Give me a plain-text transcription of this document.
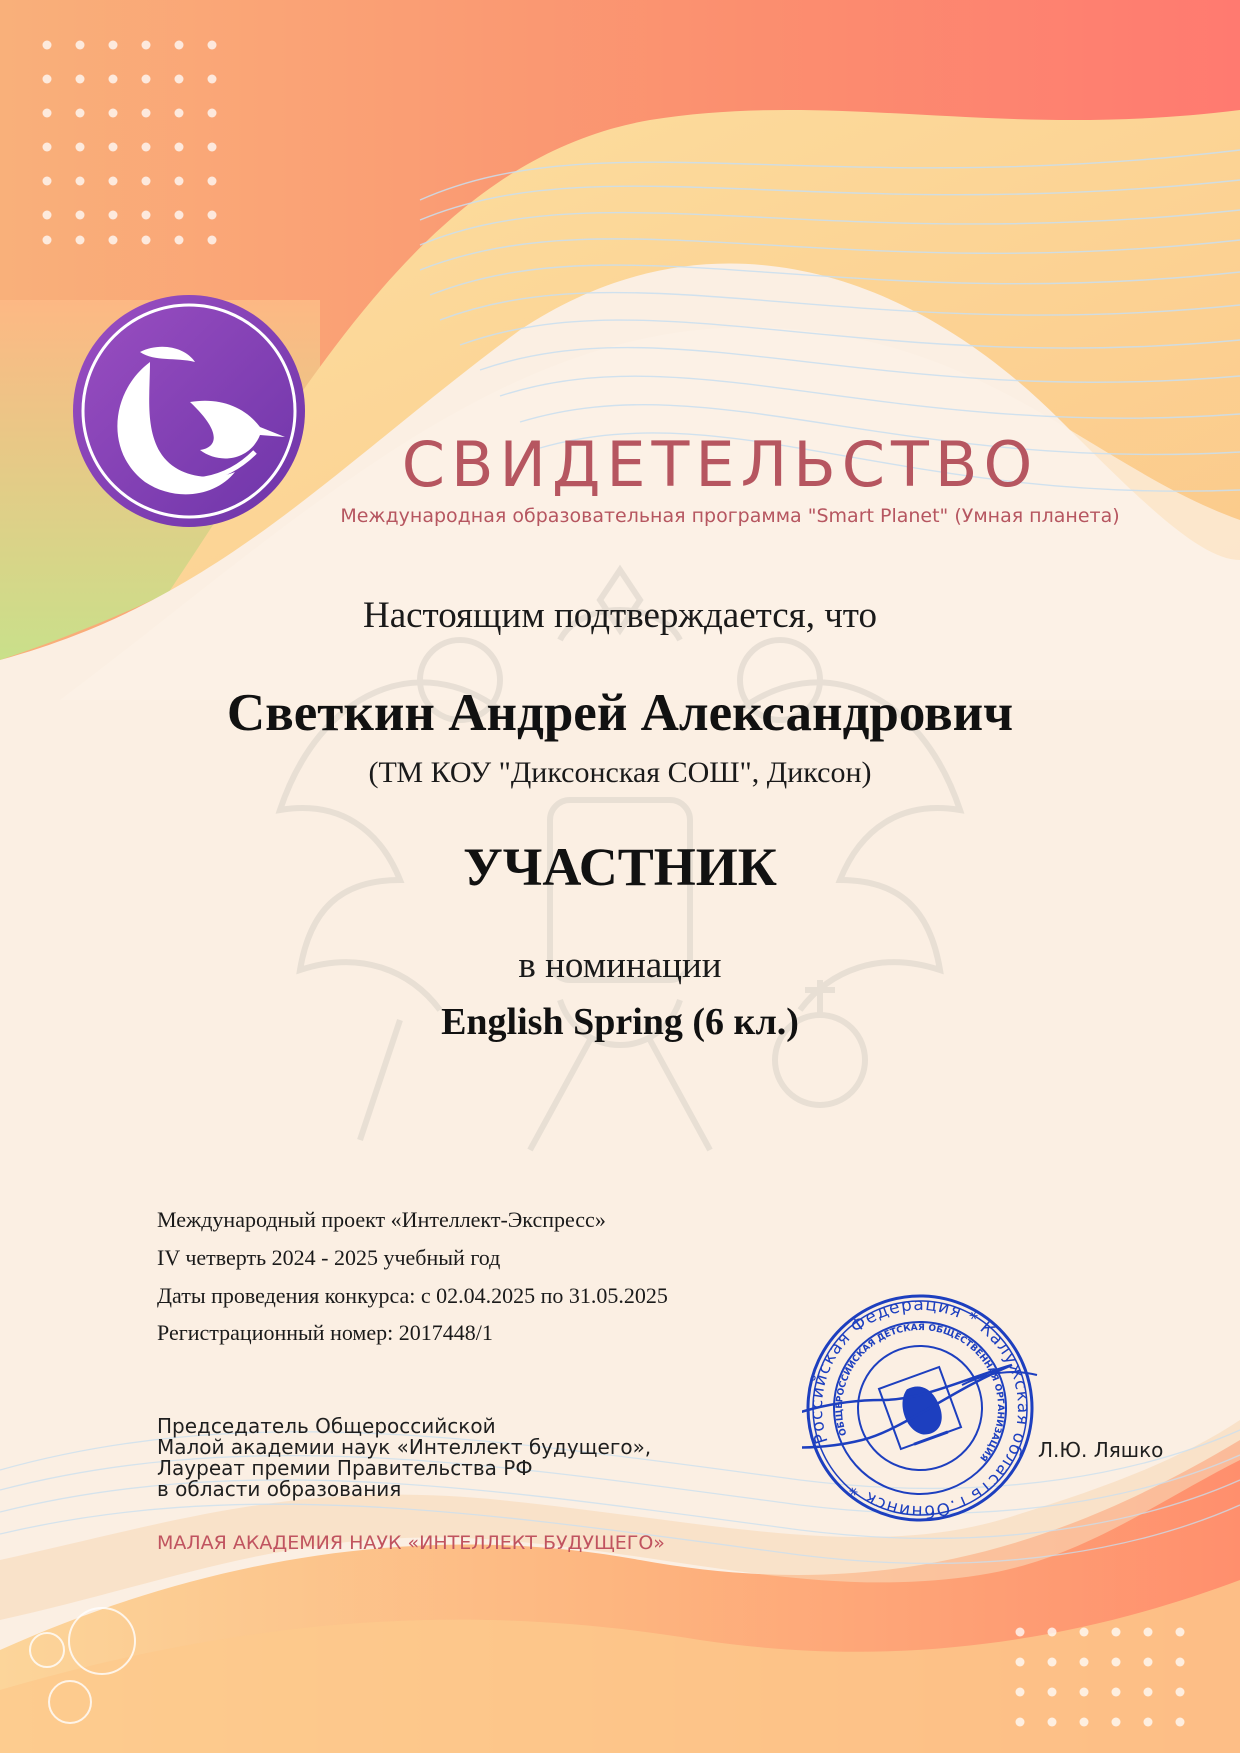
СВИДЕТЕЛЬСТВО
Международная образовательная программа "Smart Planet" (Умная планета)
Настоящим подтверждается, что
Светкин Андрей Александрович
(ТМ КОУ "Диксонская СОШ", Диксон)
УЧАСТНИК
в номинации
English Spring (6 кл.)
Международный проект «Интеллект-Экспресс»
IV четверть 2024 - 2025 учебный год
Даты проведения конкурса: с 02.04.2025 по 31.05.2025
Регистрационный номер: 2017448/1
Председатель Общероссийской
Малой академии наук «Интеллект будущего»,
Лауреат премии Правительства РФ
в области образования
МАЛАЯ АКАДЕМИЯ НАУК «ИНТЕЛЛЕКТ БУДУЩЕГО»
Российская Федерация * Калужская область г.Обнинск *
ОБЩЕРОССИЙСКАЯ ДЕТСКАЯ ОБЩЕСТВЕННАЯ ОРГАНИЗАЦИЯ	Л.Ю. Ляшко
